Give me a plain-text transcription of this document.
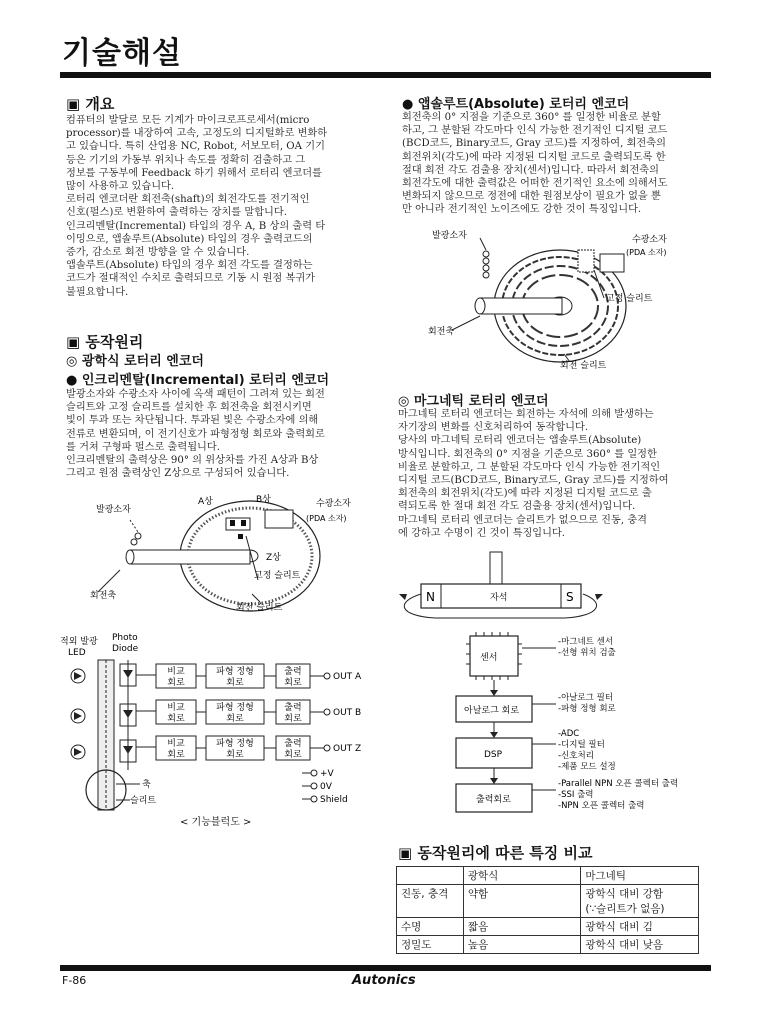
기술해설
▣ 개요
컴퓨터의 발달로 모든 기계가 마이크로프로세서(micro
processor)를 내장하여 고속, 고정도의 디지털화로 변화하
고 있습니다. 특히 산업용 NC, Robot, 서보모터, OA 기기
등은 기기의 가동부 위치나 속도를 정확히 검출하고 그
정보를 구동부에 Feedback 하기 위해서 로터리 엔코더를
많이 사용하고 있습니다.
로터리 엔코더란 회전축(shaft)의 회전각도를 전기적인
신호(펄스)로 변환하여 출력하는 장치를 말합니다.
인크리멘탈(Incremental) 타입의 경우 A, B 상의 출력 타
이밍으로, 앱솔루트(Absolute) 타입의 경우 출력코드의
증가, 감소로 회전 방향을 알 수 있습니다.
앱솔루트(Absolute) 타입의 경우 회전 각도를 결정하는
코드가 절대적인 수치로 출력되므로 기동 시 원점 복귀가
불필요합니다.
▣ 동작원리
◎ 광학식 로터리 엔코더
● 인크리멘탈(Incremental) 로터리 엔코더
발광소자와 수광소자 사이에 옥색 패턴이 그려져 있는 회전
슬리트와 고정 슬리트를 설치한 후 회전축을 회전시키면
빛이 투과 또는 차단됩니다. 투과된 빛은 수광소자에 의해
전류로 변환되며, 이 전기신호가 파형정형 회로와 출력회로
를 거쳐 구형파 펄스로 출력됩니다.
인크리멘탈의 출력상은 90° 의 위상차를 가진 A상과 B상
그리고 원점 출력상인 Z상으로 구성되어 있습니다.
발광소자
A상	B상	수광소자
(PDA 소자)
Z상
고정 슬리트
회전축
회전 슬리트
적외 발광 LED
Photo Diode
비교 회로
파형 정형 회로
출력 회로
OUT A
비교 회로
파형 정형 회로
출력 회로
OUT B
비교 회로
파형 정형 회로
출력 회로
OUT Z
+V
0V
Shield
축
슬리트
< 기능블럭도 >
● 앱솔루트(Absolute) 로터리 엔코더
회전축의 0° 지점을 기준으로 360° 를 일정한 비율로 분할
하고, 그 분할된 각도마다 인식 가능한 전기적인 디지털 코드
(BCD코드, Binary코드, Gray 코드)를 지정하여, 회전축의
회전위치(각도)에 따라 지정된 디지털 코드로 출력되도록 한
절대 회전 각도 검출용 장치(센서)입니다. 따라서 회전축의
회전각도에 대한 출력값은 어떠한 전기적인 요소에 의해서도
변화되지 않으므로 정전에 대한 원점보상이 필요가 없을 뿐
만 아니라 전기적인 노이즈에도 강한 것이 특징입니다.
발광소자	수광소자
(PDA 소자)
고정 슬리트
회전축
회전 슬리트
◎ 마그네틱 로터리 엔코더
마그네틱 로터리 엔코더는 회전하는 자석에 의해 발생하는
자기장의 변화를 신호처리하여 동작합니다.
당사의 마그네틱 로터리 엔코더는 앱솔루트(Absolute)
방식입니다. 회전축의 0° 지점을 기준으로 360° 를 일정한
비율로 분할하고, 그 분할된 각도마다 인식 가능한 전기적인
디지털 코드(BCD코드, Binary코드, Gray 코드)를 지정하여
회전축의 회전위치(각도)에 따라 지정된 디지털 코드로 출
력되도록 한 절대 회전 각도 검출용 장치(센서)입니다.
마그네틱 로터리 엔코더는 슬리트가 없으므로 진동, 충격
에 강하고 수명이 긴 것이 특징입니다.
N	S
자석
센서
아날로그 회로
DSP
출력회로
-마그네트 센서
-선형 위치 검출
-아날로그 필터
-파형 정형 회로
-ADC
-디지털 필터
-신호처리
-제품 모드 설정
-Parallel NPN 오픈 콜렉터 출력
-SSI 출력
-NPN 오픈 콜렉터 출력
▣ 동작원리에 따른 특징 비교
	광학식	마그네틱
진동, 충격	약함	광학식 대비 강함
(∵슬리트가 없음)
수명	짧음	광학식 대비 김
정밀도	높음	광학식 대비 낮음
F-86	Autonics
